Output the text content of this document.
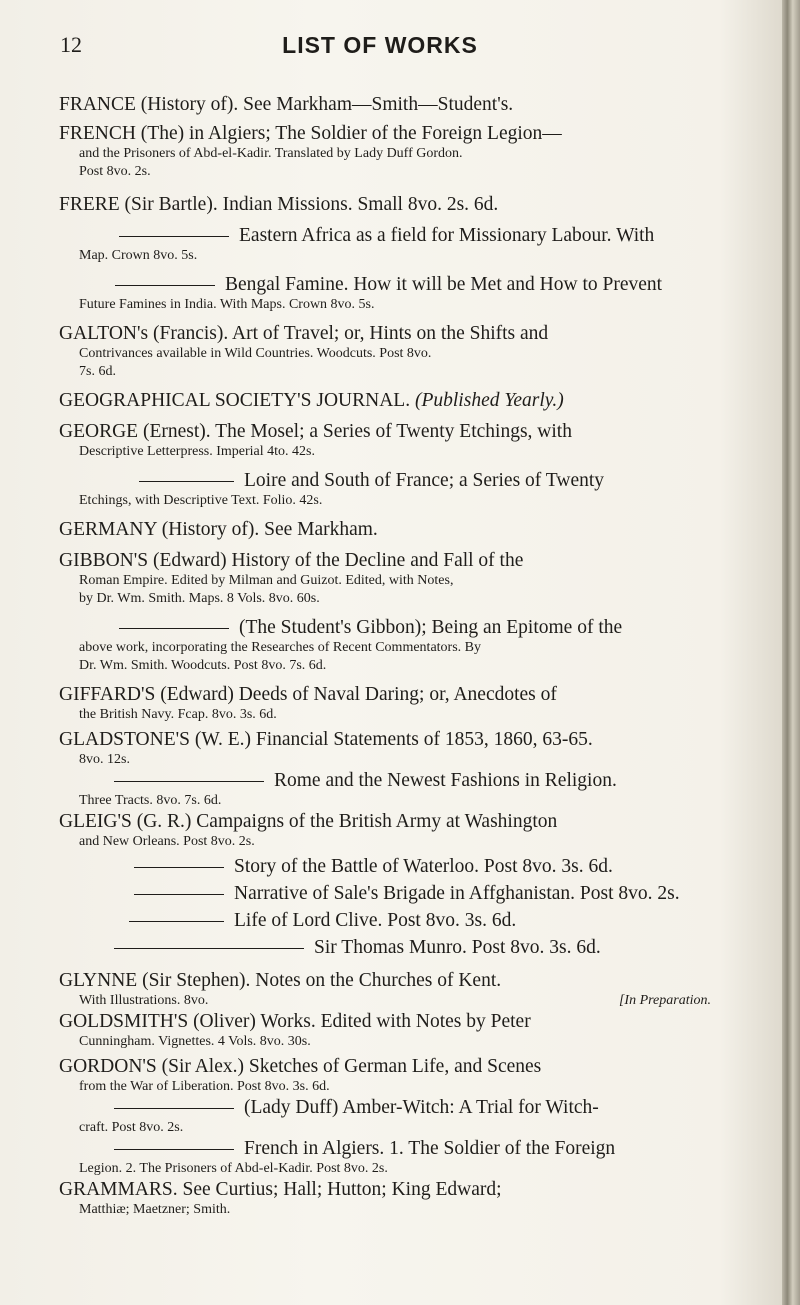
12	LIST OF WORKS

FRANCE (History of). See Markham—Smith—Student's.

FRENCH (The) in Algiers; The Soldier of the Foreign Legion—

and the Prisoners of Abd-el-Kadir. Translated by Lady Duff Gordon.

Post 8vo. 2s.

FRERE (Sir Bartle). Indian Missions. Small 8vo. 2s. 6d.

Eastern Africa as a field for Missionary Labour. With

Map. Crown 8vo. 5s.

Bengal Famine. How it will be Met and How to Prevent

Future Famines in India. With Maps. Crown 8vo. 5s.

GALTON's (Francis). Art of Travel; or, Hints on the Shifts and

Contrivances available in Wild Countries. Woodcuts. Post 8vo.

7s. 6d.

GEOGRAPHICAL SOCIETY'S JOURNAL. (Published Yearly.)

GEORGE (Ernest). The Mosel; a Series of Twenty Etchings, with

Descriptive Letterpress. Imperial 4to. 42s.

Loire and South of France; a Series of Twenty

Etchings, with Descriptive Text. Folio. 42s.

GERMANY (History of). See Markham.

GIBBON'S (Edward) History of the Decline and Fall of the

Roman Empire. Edited by Milman and Guizot. Edited, with Notes,

by Dr. Wm. Smith. Maps. 8 Vols. 8vo. 60s.

(The Student's Gibbon); Being an Epitome of the

above work, incorporating the Researches of Recent Commentators. By

Dr. Wm. Smith. Woodcuts. Post 8vo. 7s. 6d.

GIFFARD'S (Edward) Deeds of Naval Daring; or, Anecdotes of

the British Navy. Fcap. 8vo. 3s. 6d.

GLADSTONE'S (W. E.) Financial Statements of 1853, 1860, 63-65.

8vo. 12s.

Rome and the Newest Fashions in Religion.

Three Tracts. 8vo. 7s. 6d.

GLEIG'S (G. R.) Campaigns of the British Army at Washington

and New Orleans. Post 8vo. 2s.

Story of the Battle of Waterloo. Post 8vo. 3s. 6d.

Narrative of Sale's Brigade in Affghanistan. Post 8vo. 2s.

Life of Lord Clive. Post 8vo. 3s. 6d.

Sir Thomas Munro. Post 8vo. 3s. 6d.

GLYNNE (Sir Stephen). Notes on the Churches of Kent.

With Illustrations. 8vo.	[In Preparation.

GOLDSMITH'S (Oliver) Works. Edited with Notes by Peter

Cunningham. Vignettes. 4 Vols. 8vo. 30s.

GORDON'S (Sir Alex.) Sketches of German Life, and Scenes

from the War of Liberation. Post 8vo. 3s. 6d.

(Lady Duff) Amber-Witch: A Trial for Witch-

craft. Post 8vo. 2s.

French in Algiers. 1. The Soldier of the Foreign

Legion. 2. The Prisoners of Abd-el-Kadir. Post 8vo. 2s.

GRAMMARS. See Curtius; Hall; Hutton; King Edward;

Matthiæ; Maetzner; Smith.
